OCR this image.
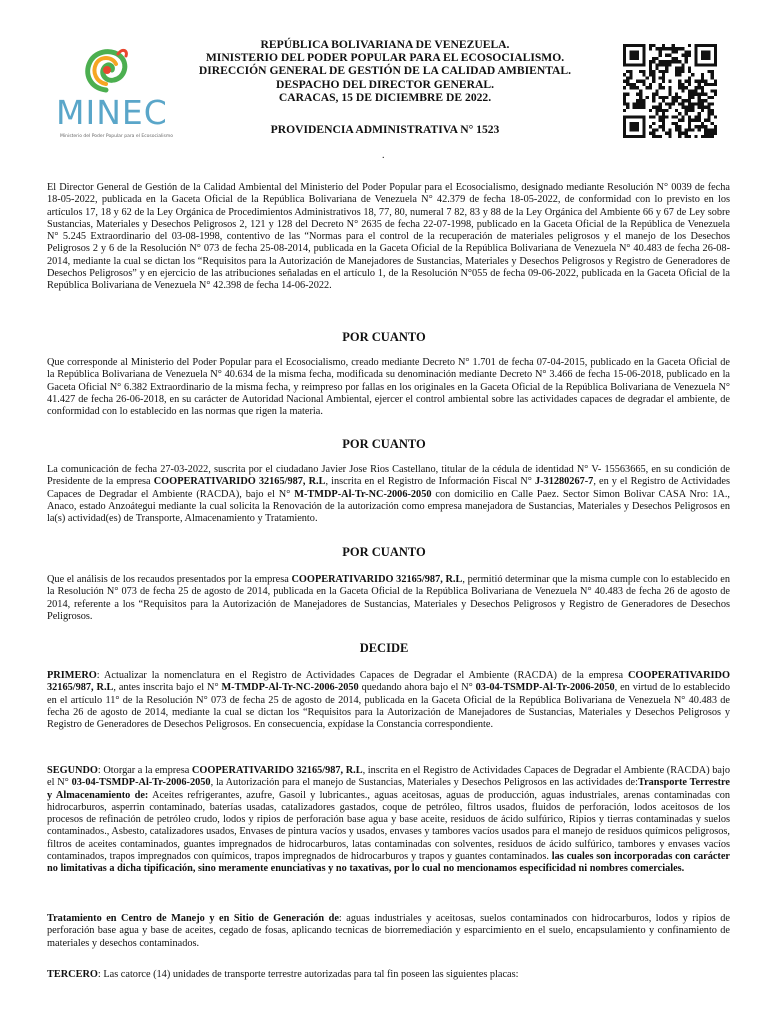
MINEC
Ministerio del Poder Popular para el Ecosocialismo
REPÚBLICA BOLIVARIANA DE VENEZUELA.
MINISTERIO DEL PODER POPULAR PARA EL ECOSOCIALISMO.
DIRECCIÓN GENERAL DE GESTIÓN DE LA CALIDAD AMBIENTAL.
DESPACHO DEL DIRECTOR GENERAL.
CARACAS, 15 DE DICIEMBRE DE 2022.
PROVIDENCIA ADMINISTRATIVA N° 1523
.
El Director General de Gestión de la Calidad Ambiental del Ministerio del Poder Popular para el Ecosocialismo, designado mediante Resolución N° 0039 de fecha 18-05-2022, publicada en la Gaceta Oficial de la República Bolivariana de Venezuela N° 42.379 de fecha 18-05-2022, de conformidad con lo previsto en los artículos 17, 18 y 62 de la Ley Orgánica de Procedimientos Administrativos 18, 77, 80, numeral 7 82, 83 y 88 de la Ley Orgánica del Ambiente 66 y 67 de Ley sobre Sustancias, Materiales y Desechos Peligrosos 2, 121 y 128 del Decreto N° 2635 de fecha 22-07-1998, publicado en la Gaceta Oficial de la República de Venezuela N° 5.245 Extraordinario del 03-08-1998, contentivo de las “Normas para el control de la recuperación de materiales peligrosos y el manejo de los Desechos Peligrosos 2 y 6 de la Resolución N° 073 de fecha 25-08-2014, publicada en la Gaceta Oficial de la República Bolivariana de Venezuela N° 40.483 de fecha 26-08-2014, mediante la cual se dictan los “Requisitos para la Autorización de Manejadores de Sustancias, Materiales y Desechos Peligrosos y Registro de Generadores de Desechos Peligrosos” y en ejercicio de las atribuciones señaladas en el artículo 1, de la Resolución N°055 de fecha 09-06-2022, publicada en la Gaceta Oficial de la República Bolivariana de Venezuela N° 42.398 de fecha 14-06-2022.
POR CUANTO
Que corresponde al Ministerio del Poder Popular para el Ecosocialismo, creado mediante Decreto N° 1.701 de fecha 07-04-2015, publicado en la Gaceta Oficial de la República Bolivariana de Venezuela N° 40.634 de la misma fecha, modificada su denominación mediante Decreto N° 3.466 de fecha 15-06-2018, publicado en la Gaceta Oficial N° 6.382 Extraordinario de la misma fecha, y reimpreso por fallas en los originales en la Gaceta Oficial de la República Bolivariana de Venezuela N° 41.427 de fecha 26-06-2018, en su carácter de Autoridad Nacional Ambiental, ejercer el control ambiental sobre las actividades capaces de degradar el ambiente, de conformidad con lo establecido en las normas que rigen la materia.
POR CUANTO
La comunicación de fecha 27-03-2022, suscrita por el ciudadano Javier Jose Rios Castellano, titular de la cédula de identidad N° V- 15563665, en su condición de Presidente de la empresa COOPERATIVARIDO 32165/987, R.L, inscrita en el Registro de Información Fiscal N° J-31280267-7, en y el Registro de Actividades Capaces de Degradar el Ambiente (RACDA), bajo el N° M-TMDP-Al-Tr-NC-2006-2050 con domicilio en Calle Paez. Sector Simon Bolivar CASA Nro: 1A., Anaco, estado Anzoátegui mediante la cual solicita la Renovación de la autorización como empresa manejadora de Sustancias, Materiales y Desechos Peligrosos en la(s) actividad(es) de Transporte, Almacenamiento y Tratamiento.
POR CUANTO
Que el análisis de los recaudos presentados por la empresa COOPERATIVARIDO 32165/987, R.L, permitió determinar que la misma cumple con lo establecido en la Resolución N° 073 de fecha 25 de agosto de 2014, publicada en la Gaceta Oficial de la República Bolivariana de Venezuela N° 40.483 de fecha 26 de agosto de 2014, referente a los “Requisitos para la Autorización de Manejadores de Sustancias, Materiales y Desechos Peligrosos y Registro de Generadores de Desechos Peligrosos.
DECIDE
PRIMERO: Actualizar la nomenclatura en el Registro de Actividades Capaces de Degradar el Ambiente (RACDA) de la empresa COOPERATIVARIDO 32165/987, R.L, antes inscrita bajo el N° M-TMDP-Al-Tr-NC-2006-2050 quedando ahora bajo el N° 03-04-TSMDP-Al-Tr-2006-2050, en virtud de lo establecido en el artículo 11° de la Resolución N° 073 de fecha 25 de agosto de 2014, publicada en la Gaceta Oficial de la República Bolivariana de Venezuela N° 40.483 de fecha 26 de agosto de 2014, mediante la cual se dictan los “Requisitos para la Autorización de Manejadores de Sustancias, Materiales y Desechos Peligrosos y Registro de Generadores de Desechos Peligrosos. En consecuencia, expídase la Constancia correspondiente.
SEGUNDO: Otorgar a la empresa COOPERATIVARIDO 32165/987, R.L, inscrita en el Registro de Actividades Capaces de Degradar el Ambiente (RACDA) bajo el N° 03-04-TSMDP-Al-Tr-2006-2050, la Autorización para el manejo de Sustancias, Materiales y Desechos Peligrosos en las actividades de:Transporte Terrestre y Almacenamiento de: Aceites refrigerantes, azufre, Gasoil y lubricantes., aguas aceitosas, aguas de producción, aguas industriales, arenas contaminadas con hidrocarburos, asperrin contaminado, baterías usadas, catalizadores gastados, coque de petróleo, filtros usados, fluidos de perforación, lodos aceitosos de los procesos de refinación de petróleo crudo, lodos y ripios de perforación base agua y base aceite, residuos de ácido sulfúrico, Ripios y tierras contaminadas y suelos contaminados., Asbesto, catalizadores usados, Envases de pintura vacíos y usados, envases y tambores vacíos usados para el manejo de residuos químicos peligrosos, filtros de aceites contaminados, guantes impregnados de hidrocarburos, latas contaminadas con solventes, residuos de ácido sulfúrico, tambores y envases vacíos contaminados, trapos impregnados con químicos, trapos impregnados de hidrocarburos y trapos y guantes contaminados. las cuales son incorporadas con carácter no limitativas a dicha tipificación, sino meramente enunciativas y no taxativas, por lo cual no mencionamos especificidad ni nombres comerciales.
Tratamiento en Centro de Manejo y en Sitio de Generación de: aguas industriales y aceitosas, suelos contaminados con hidrocarburos, lodos y ripios de perforación base agua y base de aceites, cegado de fosas, aplicando tecnicas de biorremediación y esparcimiento en el suelo, encapsulamiento y confinamiento de materiales y desechos contaminados.
TERCERO: Las catorce (14) unidades de transporte terrestre autorizadas para tal fin poseen las siguientes placas:
